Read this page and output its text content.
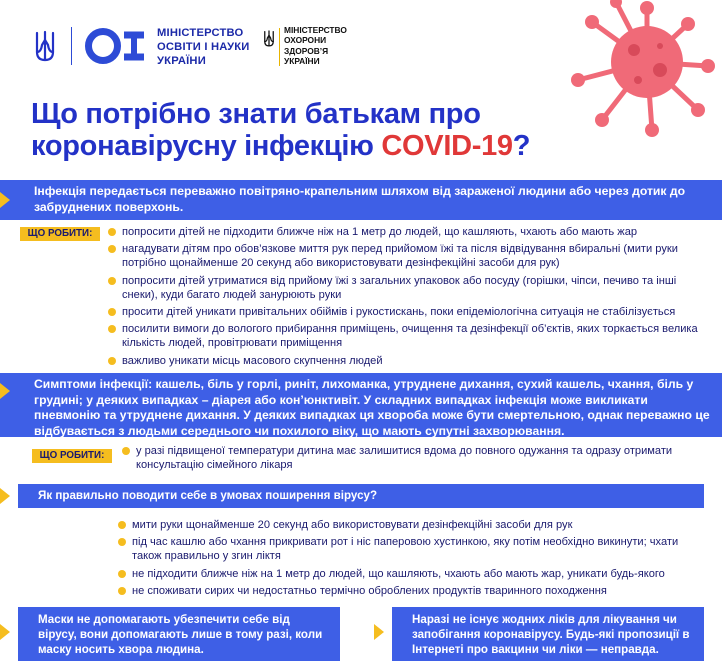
МІНІСТЕРСТВО
ОСВІТИ І НАУКИ
УКРАЇНИ
МІНІСТЕРСТВО
ОХОРОНИ
ЗДОРОВ’Я
УКРАЇНИ
Що потрібно знати батькам про
коронавірусну інфекцію COVID-19?
Інфекція передається переважно повітряно-крапельним шляхом від зараженої людини або через дотик до забруднених поверхонь.
ЩО РОБИТИ:	попросити дітей не підходити ближче ніж на 1 метр до людей, що кашляють, чхають або мають жар
нагадувати дітям про обов’язкове миття рук перед прийомом їжі та після відвідування вбиральні (мити руки потрібно щонайменше 20 секунд або використовувати дезінфекційні засоби для рук)
попросити дітей утриматися від прийому їжі з загальних упаковок або посуду (горішки, чіпси, печиво та інші снеки), куди багато людей занурюють руки
просити дітей уникати привітальних обіймів і рукостискань, поки епідеміологічна ситуація не стабілізується
посилити вимоги до вологого прибирання приміщень, очищення та дезінфекції об’єктів, яких торкається велика кількість людей, провітрювати приміщення
важливо уникати місць масового скупчення людей
Симптоми інфекції: кашель, біль у горлі, риніт, лихоманка, утруднене дихання, сухий кашель, чхання, біль у грудині; у деяких випадках – діарея або кон’юнктивіт. У складних випадках інфекція може викликати пневмонію та утруднене дихання. У деяких випадках ця хвороба може бути смертельною, однак переважно це відбувається з людьми середнього чи похилого віку, що мають супутні захворювання.
ЩО РОБИТИ:	у разі підвищеної температури дитина має залишитися вдома до повного одужання та одразу отримати консультацію сімейного лікаря
Як правильно поводити себе в умовах поширення вірусу?
мити руки щонайменше 20 секунд або використовувати дезінфекційні засоби для рук
під час кашлю або чхання прикривати рот і ніс паперовою хустинкою, яку потім необхідно викинути; чхати також правильно у згин ліктя
не підходити ближче ніж на 1 метр до людей, що кашляють, чхають або мають жар, уникати будь-якого
не споживати сирих чи недостатньо термічно оброблених продуктів тваринного походження
Маски не допомагають убезпечити себе від вірусу, вони допомагають лише в тому разі, коли маску носить хвора людина.
Наразі не існує жодних ліків для лікування чи запобігання коронавірусу. Будь-які пропозиції в Інтернеті про вакцини чи ліки — неправда.
